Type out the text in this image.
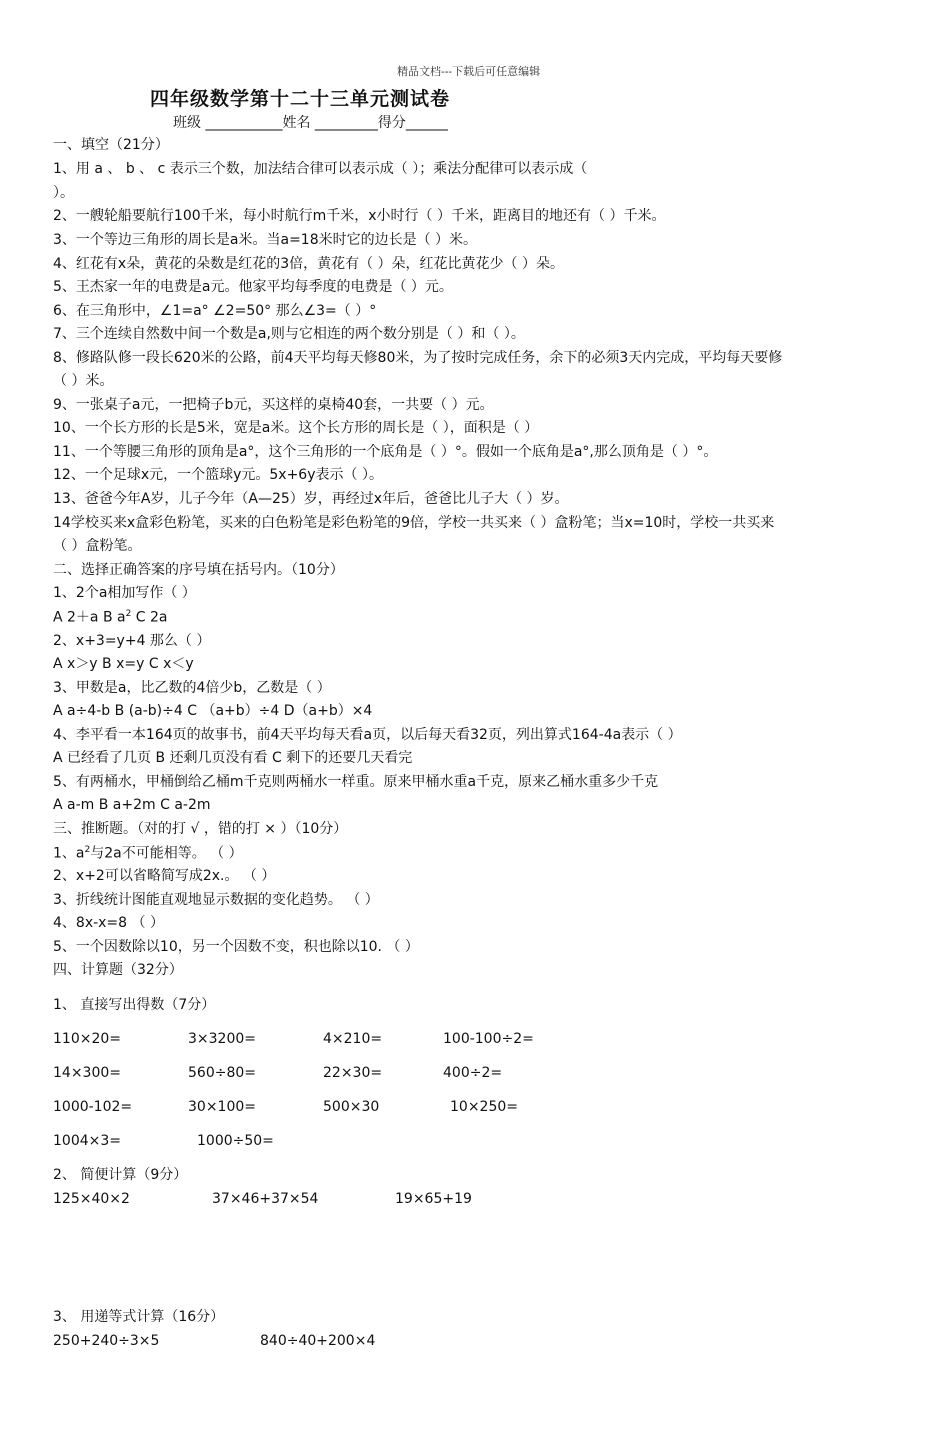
精品文档---下载后可任意编辑
四年级数学第十二十三单元测试卷
班级 ___________姓名 _________得分______
一、填空（21分）
1、用 a 、 b 、 c 表示三个数，加法结合律可以表示成（ ）；乘法分配律可以表示成（
）。
2、一艘轮船要航行100千米，每小时航行m千米，x小时行（ ）千米，距离目的地还有（ ）千米。
3、一个等边三角形的周长是a米。当a=18米时它的边长是（ ）米。
4、红花有x朵，黄花的朵数是红花的3倍，黄花有（ ）朵，红花比黄花少（ ）朵。
5、王杰家一年的电费是a元。他家平均每季度的电费是（ ）元。
6、在三角形中，∠1=a° ∠2=50° 那么∠3=（ ）°
7、三个连续自然数中间一个数是a,则与它相连的两个数分别是（ ）和（ ）。
8、修路队修一段长620米的公路，前4天平均每天修80米，为了按时完成任务，余下的必须3天内完成，平均每天要修
（ ）米。
9、一张桌子a元，一把椅子b元，买这样的桌椅40套，一共要（ ）元。
10、一个长方形的长是5米，宽是a米。这个长方形的周长是（ ），面积是（ ）
11、一个等腰三角形的顶角是a°，这个三角形的一个底角是（ ）°。假如一个底角是a°,那么顶角是（ ）°。
12、一个足球x元，一个篮球y元。5x+6y表示（ ）。
13、爸爸今年A岁，儿子今年（A—25）岁，再经过x年后，爸爸比儿子大（ ）岁。
14学校买来x盒彩色粉笔，买来的白色粉笔是彩色粉笔的9倍，学校一共买来（ ）盒粉笔；当x=10时，学校一共买来
（ ）盒粉笔。
二、选择正确答案的序号填在括号内。（10分）
1、2个a相加写作（ ）
A 2＋a B $a^2$ C 2a
2、x+3=y+4 那么（ ）
A x＞y B x=y C x＜y
3、甲数是a，比乙数的4倍少b，乙数是（ ）
A a÷4-b B (a-b)÷4 C （a+b）÷4 D（a+b）×4
4、李平看一本164页的故事书，前4天平均每天看a页，以后每天看32页，列出算式164-4a表示（ ）
A 已经看了几页 B 还剩几页没有看 C 剩下的还要几天看完
5、有两桶水，甲桶倒给乙桶m千克则两桶水一样重。原来甲桶水重a千克，原来乙桶水重多少千克
A a-m B a+2m C a-2m
三、推断题。（对的打 √ ，错的打 × ）（10分）
1、$a^2$与2a不可能相等。 （ ）
2、x+2可以省略简写成2x.。 （ ）
3、折线统计图能直观地显示数据的变化趋势。 （ ）
4、8x-x=8 （ ）
5、一个因数除以10，另一个因数不变，积也除以10. （ ）
四、计算题（32分）
1、 直接写出得数（7分）
110×20=	3×3200=	4×210=	100-100÷2=
14×300=	560÷80=	22×30=	400÷2=
1000-102=	30×100=	500×30	10×250=
1004×3=	1000÷50=
2、 简便计算（9分）
125×40×2	37×46+37×54	19×65+19
3、 用递等式计算（16分）
250+240÷3×5	840÷40+200×4
